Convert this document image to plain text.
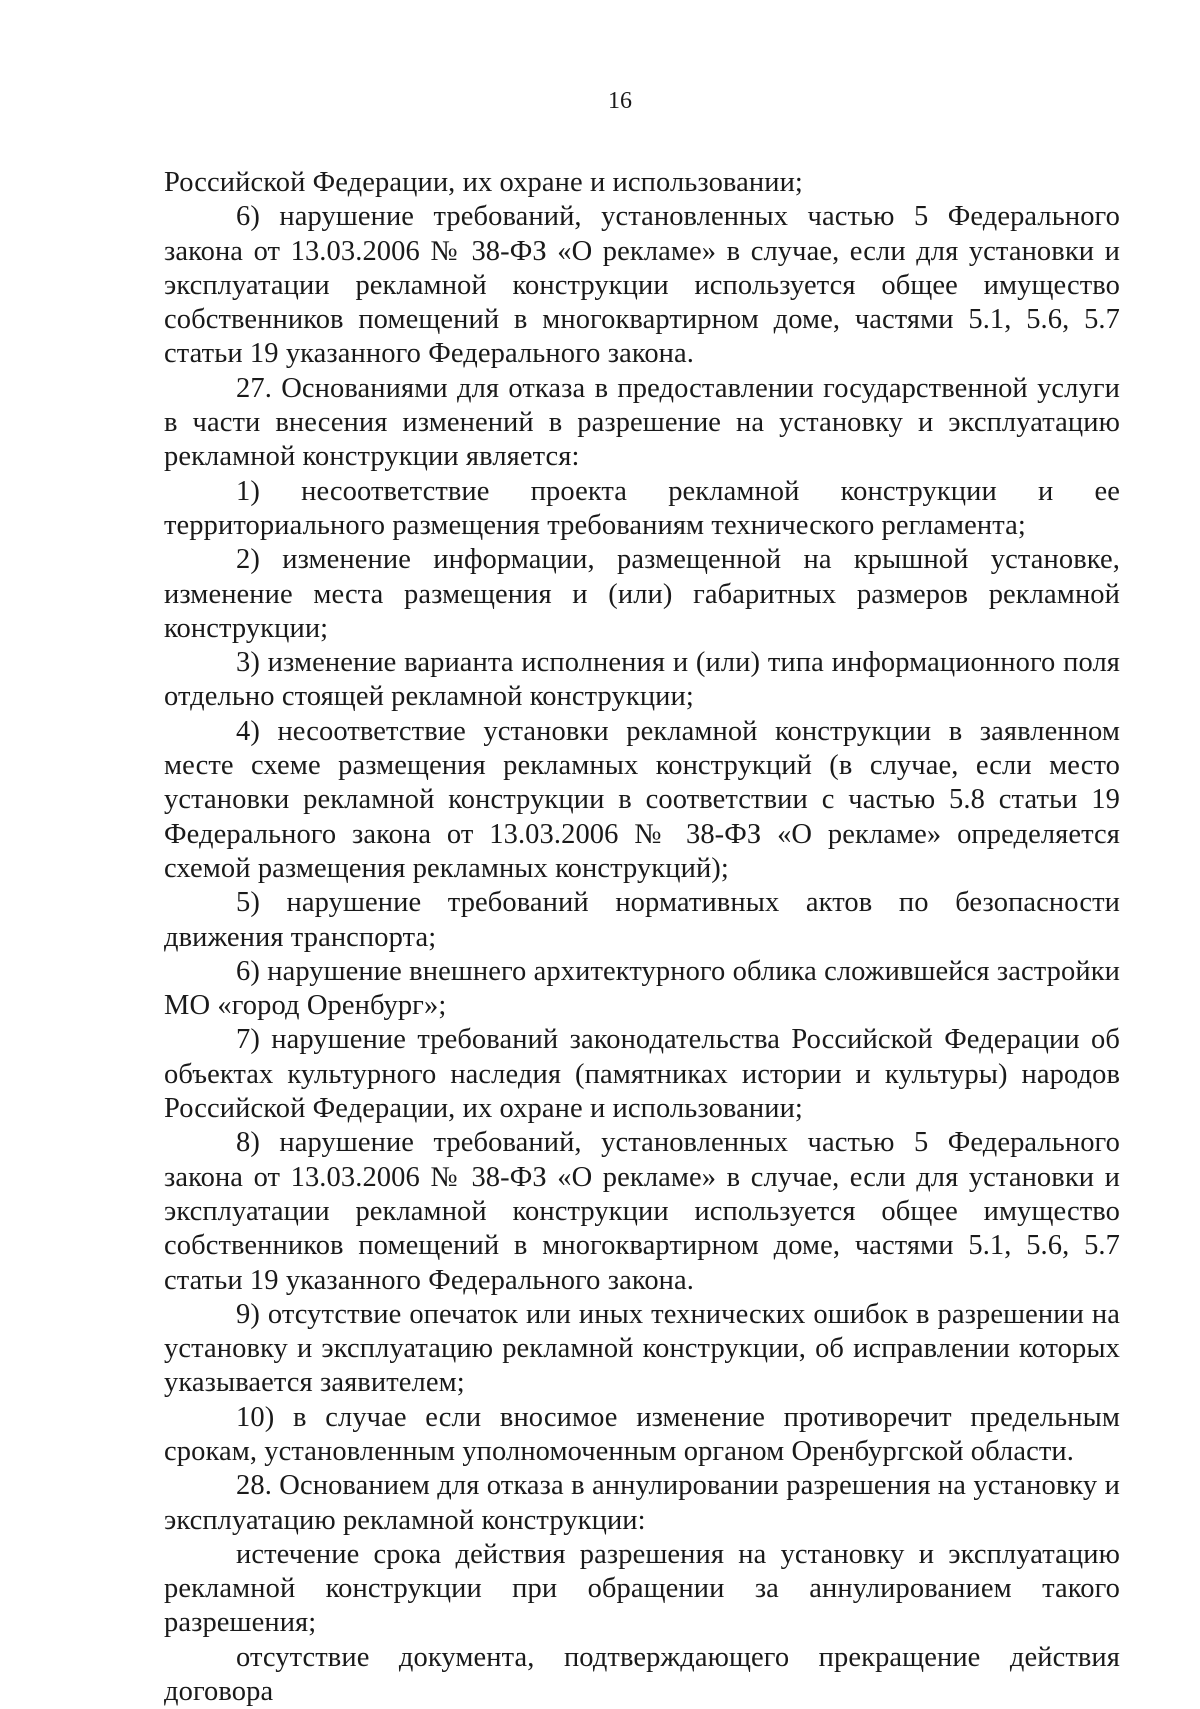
16

Российской Федерации, их охране и использовании;

6) нарушение требований, установленных частью 5 Федерального закона от 13.03.2006 № 38-ФЗ «О рекламе» в случае, если для установки и эксплуатации рекламной конструкции используется общее имущество собственников помещений в многоквартирном доме, частями 5.1, 5.6, 5.7 статьи 19 указанного Федерального закона.

27. Основаниями для отказа в предоставлении государственной услуги в части внесения изменений в разрешение на установку и эксплуатацию рекламной конструкции является:

1) несоответствие проекта рекламной конструкции и ее территориального размещения требованиям технического регламента;

2) изменение информации, размещенной на крышной установке, изменение места размещения и (или) габаритных размеров рекламной конструкции;

3) изменение варианта исполнения и (или) типа информационного поля отдельно стоящей рекламной конструкции;

4) несоответствие установки рекламной конструкции в заявленном месте схеме размещения рекламных конструкций (в случае, если место установки рекламной конструкции в соответствии с частью 5.8 статьи 19 Федерального закона от 13.03.2006 № 38-ФЗ «О рекламе» определяется схемой размещения рекламных конструкций);

5) нарушение требований нормативных актов по безопасности движения транспорта;

6) нарушение внешнего архитектурного облика сложившейся застройки МО «город Оренбург»;

7) нарушение требований законодательства Российской Федерации об объектах культурного наследия (памятниках истории и культуры) народов Российской Федерации, их охране и использовании;

8) нарушение требований, установленных частью 5 Федерального закона от 13.03.2006 № 38-ФЗ «О рекламе» в случае, если для установки и эксплуатации рекламной конструкции используется общее имущество собственников помещений в многоквартирном доме, частями 5.1, 5.6, 5.7 статьи 19 указанного Федерального закона.

9) отсутствие опечаток или иных технических ошибок в разрешении на установку и эксплуатацию рекламной конструкции, об исправлении которых указывается заявителем;

10) в случае если вносимое изменение противоречит предельным срокам, установленным уполномоченным органом Оренбургской области.

28. Основанием для отказа в аннулировании разрешения на установку и эксплуатацию рекламной конструкции:

истечение срока действия разрешения на установку и эксплуатацию рекламной конструкции при обращении за аннулированием такого разрешения;

отсутствие документа, подтверждающего прекращение действия договора
